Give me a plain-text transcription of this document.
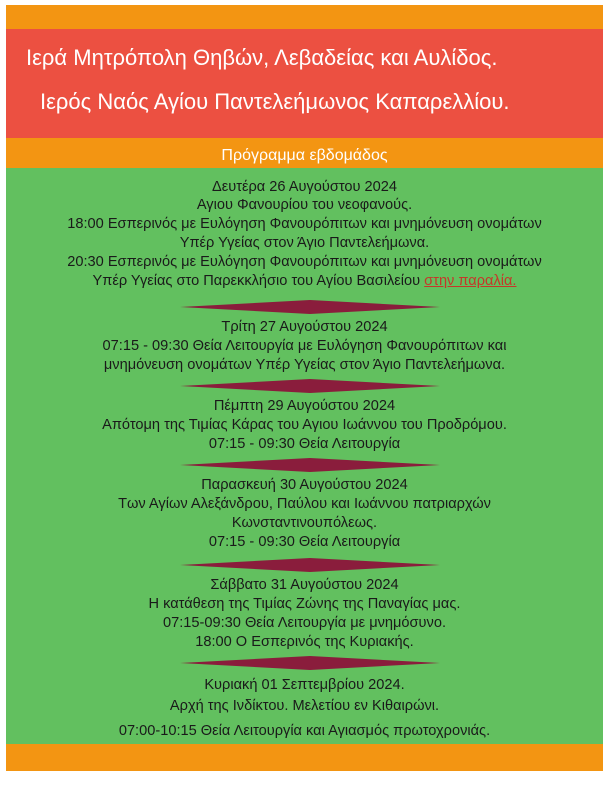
Ιερά Μητρόπολη Θηβών, Λεβαδείας και Αυλίδος.
Ιερός Ναός Αγίου Παντελεήμωνος Καπαρελλίου.
Πρόγραμμα εβδομάδος
Δευτέρα 26 Αυγούστου 2024
Αγιου Φανουρίου του νεοφανούς.
18:00 Εσπερινός με Ευλόγηση Φανουρόπιτων και μνημόνευση ονομάτων
Υπέρ Υγείας στον Άγιο Παντελεήμωνα.
20:30 Εσπερινός με Ευλόγηση Φανουρόπιτων και μνημόνευση ονομάτων
Υπέρ Υγείας στο Παρεκκλήσιο του Αγίου Βασιλείου στην παραλία.
Τρίτη 27 Αυγούστου 2024
07:15 - 09:30 Θεία Λειτουργία με Ευλόγηση Φανουρόπιτων και
μνημόνευση ονομάτων Υπέρ Υγείας στον Άγιο Παντελεήμωνα.
Πέμπτη 29 Αυγούστου 2024
Απότομη της Τιμίας Κάρας του Αγιου Ιωάννου του Προδρόμου.
07:15 - 09:30 Θεία Λειτουργία
Παρασκευή 30 Αυγούστου 2024
Των Αγίων Αλεξάνδρου, Παύλου και Ιωάννου πατριαρχών
Κωνσταντινουπόλεως.
07:15 - 09:30 Θεία Λειτουργία
Σάββατο 31 Αυγούστου 2024
Η κατάθεση της Τιμίας Ζώνης της Παναγίας μας.
07:15-09:30 Θεία Λειτουργία με μνημόσυνο.
18:00 Ο Εσπερινός της Κυριακής.
Κυριακή 01 Σεπτεμβρίου 2024.
Αρχή της Ινδίκτου. Μελετίου εν Κιθαιρώνι.
07:00-10:15 Θεία Λειτουργία και Αγιασμός πρωτοχρονιάς.
